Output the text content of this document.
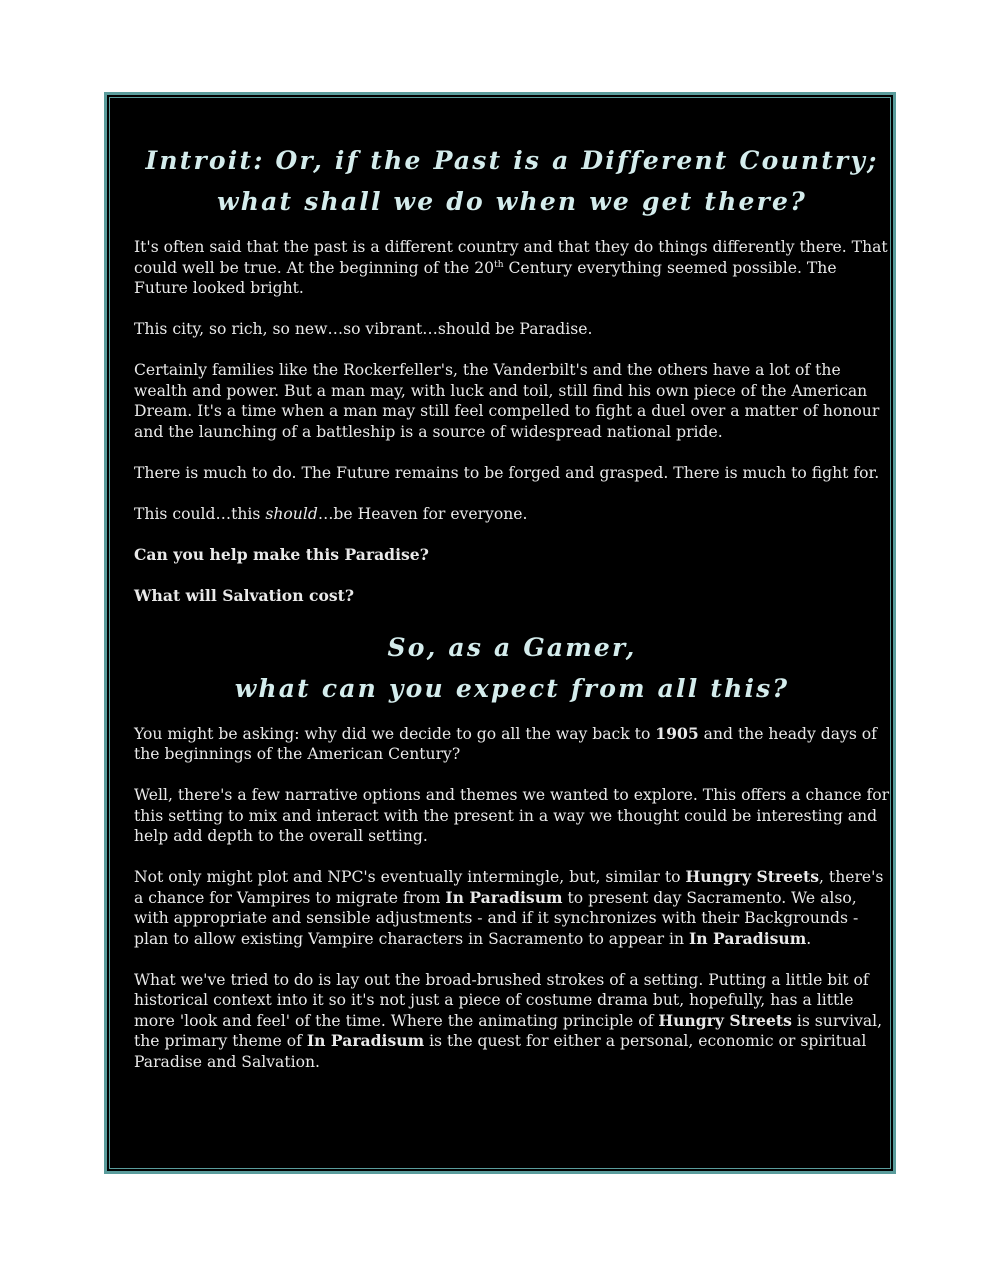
Introit: Or, if the Past is a Different Country;
what shall we do when we get there?

It's often said that the past is a different country and that they do things differently there. That could well be true. At the beginning of the 20th Century everything seemed possible. The Future looked bright.

This city, so rich, so new…so vibrant…should be Paradise.

Certainly families like the Rockerfeller's, the Vanderbilt's and the others have a lot of the wealth and power. But a man may, with luck and toil, still find his own piece of the American Dream. It's a time when a man may still feel compelled to fight a duel over a matter of honour and the launching of a battleship is a source of widespread national pride.

There is much to do. The Future remains to be forged and grasped. There is much to fight for.

This could…this should…be Heaven for everyone.

Can you help make this Paradise?

What will Salvation cost?

So, as a Gamer,
what can you expect from all this?

You might be asking: why did we decide to go all the way back to 1905 and the heady days of the beginnings of the American Century?

Well, there's a few narrative options and themes we wanted to explore. This offers a chance for this setting to mix and interact with the present in a way we thought could be interesting and help add depth to the overall setting.

Not only might plot and NPC's eventually intermingle, but, similar to Hungry Streets, there's a chance for Vampires to migrate from In Paradisum to present day Sacramento. We also, with appropriate and sensible adjustments - and if it synchronizes with their Backgrounds - plan to allow existing Vampire characters in Sacramento to appear in In Paradisum.

What we've tried to do is lay out the broad-brushed strokes of a setting. Putting a little bit of historical context into it so it's not just a piece of costume drama but, hopefully, has a little more 'look and feel' of the time. Where the animating principle of Hungry Streets is survival, the primary theme of In Paradisum is the quest for either a personal, economic or spiritual Paradise and Salvation.
